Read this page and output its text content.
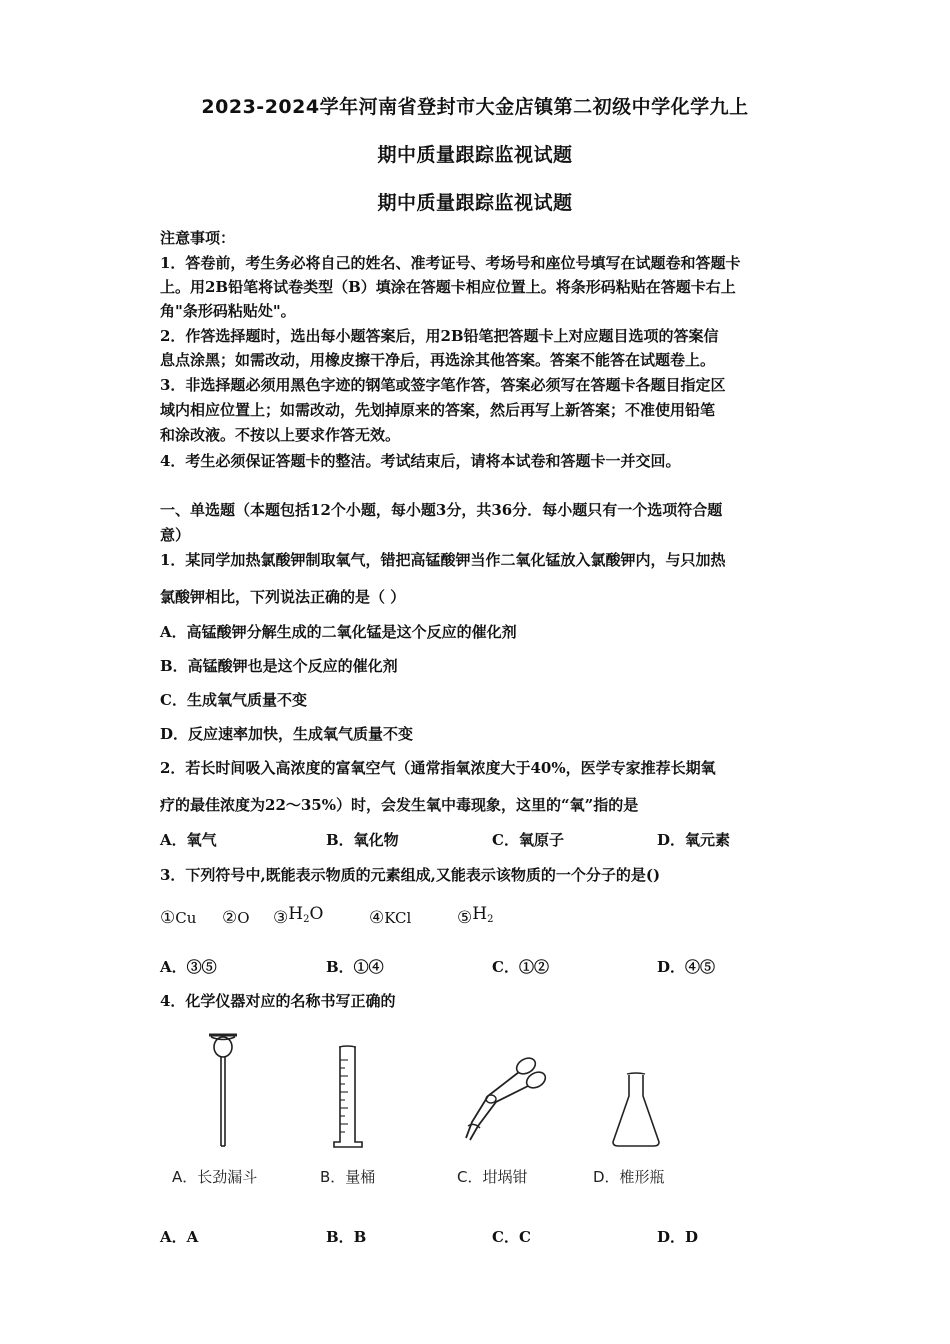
2023-2024学年河南省登封市大金店镇第二初级中学化学九上
期中质量跟踪监视试题
期中质量跟踪监视试题
注意事项：
1．答卷前，考生务必将自己的姓名、准考证号、考场号和座位号填写在试题卷和答题卡
上。用2B铅笔将试卷类型（B）填涂在答题卡相应位置上。将条形码粘贴在答题卡右上
角"条形码粘贴处"。
2．作答选择题时，选出每小题答案后，用2B铅笔把答题卡上对应题目选项的答案信
息点涂黑；如需改动，用橡皮擦干净后，再选涂其他答案。答案不能答在试题卷上。
3．非选择题必须用黑色字迹的钢笔或签字笔作答，答案必须写在答题卡各题目指定区
域内相应位置上；如需改动，先划掉原来的答案，然后再写上新答案；不准使用铅笔
和涂改液。不按以上要求作答无效。
4．考生必须保证答题卡的整洁。考试结束后，请将本试卷和答题卡一并交回。
一、单选题（本题包括12个小题，每小题3分，共36分．每小题只有一个选项符合题
意）
1．某同学加热氯酸钾制取氧气，错把高锰酸钾当作二氧化锰放入氯酸钾内，与只加热
氯酸钾相比，下列说法正确的是（ ）
A．高锰酸钾分解生成的二氧化锰是这个反应的催化剂
B．高锰酸钾也是这个反应的催化剂
C．生成氧气质量不变
D．反应速率加快，生成氧气质量不变
2．若长时间吸入高浓度的富氧空气（通常指氧浓度大于40%，医学专家推荐长期氧
疗的最佳浓度为22～35%）时，会发生氧中毒现象，这里的“氧”指的是
A．氧气	B．氧化物	C．氧原子	D．氧元素
3．下列符号中,既能表示物质的元素组成,又能表示该物质的一个分子的是()
①Cu ②O $③H_2O$	④KCl	$⑤H_2$
A．③⑤	B．①④	C．①②	D．④⑤
4．化学仪器对应的名称书写正确的
A．长劲漏斗	B．量桶	C．坩埚钳	D．椎形瓶
A．A	B．B	C．C	D．D
